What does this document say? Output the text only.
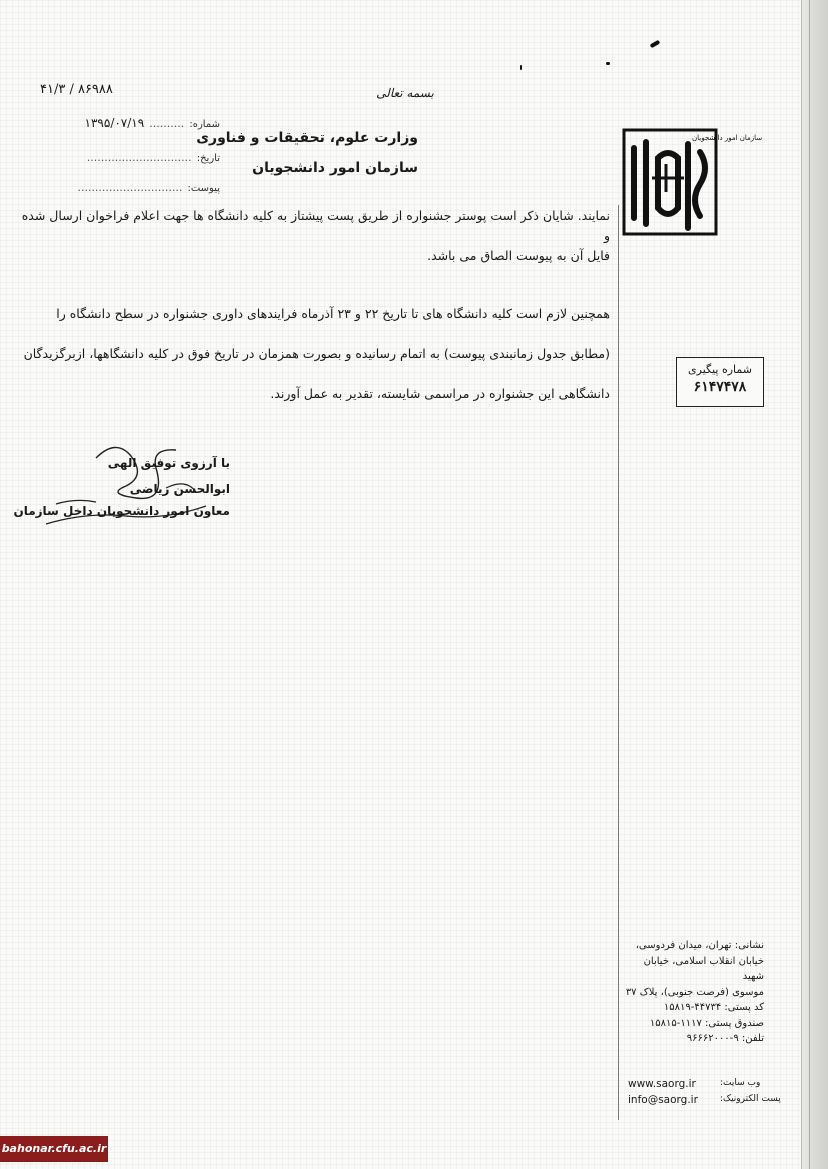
۴۱/۳ / ۸۶۹۸۸
شماره: .......... ۱۳۹۵/۰۷/۱۹
تاریخ: ..............................
پیوست: ..............................
بسمه تعالی
وزارت علوم، تحقیقات و فناوری
سازمان امور دانشجویان
سازمان امور دانشجویان
نمایند. شایان ذکر است پوستر جشنواره از طریق پست پیشتاز به کلیه دانشگاه ها جهت اعلام فراخوان ارسال شده و
فایل آن به پیوست الصاق می باشد.
همچنین لازم است کلیه دانشگاه های تا تاریخ ۲۲ و ۲۳ آذرماه فرایندهای داوری جشنواره در سطح دانشگاه را
(مطابق جدول زمانبندی پیوست) به اتمام رسانیده و بصورت همزمان در تاریخ فوق در کلیه دانشگاهها، ازبرگزیدگان
دانشگاهی این جشنواره در مراسمی شایسته، تقدیر به عمل آورند.
شماره پیگیری
۶۱۴۷۴۷۸
با آرزوی توفیق الهی
ابوالحسن ریاضی
معاون امور دانشجویان داخل سازمان
نشانی: تهران، میدان فردوسی،
خیابان انقلاب اسلامی، خیابان شهید
موسوی (فرصت جنوبی)، پلاک ۳۷
کد پستی: ۴۴۷۳۴-۱۵۸۱۹
صندوق پستی: ۱۱۱۷-۱۵۸۱۵
تلفن: ۹-۹۶۶۶۲۰۰۰
www.saorg.ir	وب سایت:
info@saorg.ir پست الکترونیک:
bahonar.cfu.ac.ir
